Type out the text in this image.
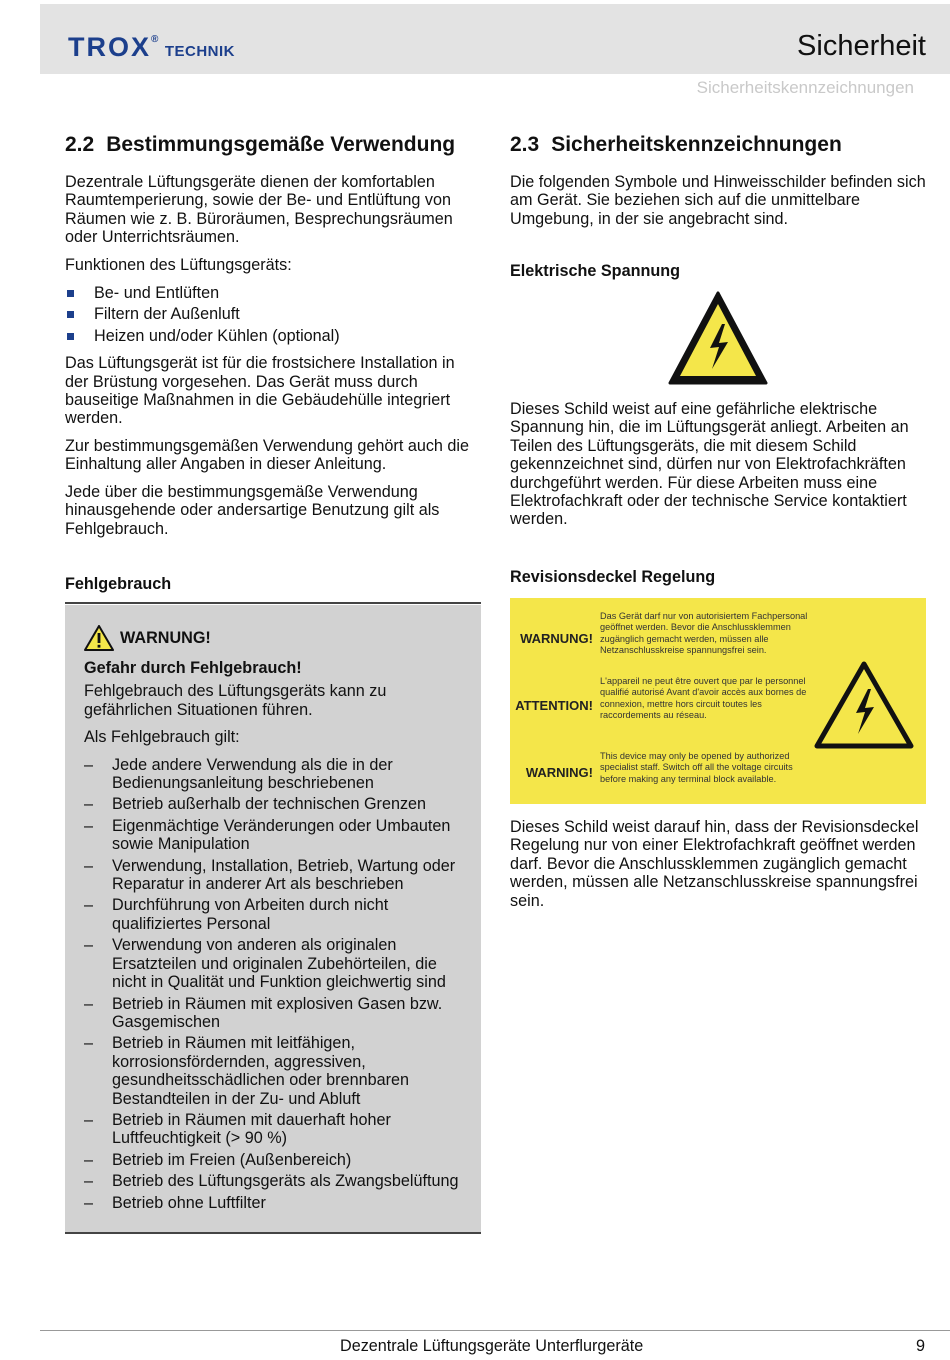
TROX® TECHNIK	Sicherheit
Sicherheitskennzeichnungen
2.2 Bestimmungsgemäße Verwendung

Dezentrale Lüftungsgeräte dienen der komfortablen Raumtemperierung, sowie der Be- und Entlüftung von Räumen wie z. B. Büroräumen, Besprechungsräumen oder Unterrichtsräumen.

Funktionen des Lüftungsgeräts:

Be- und Entlüften
Filtern der Außenluft
Heizen und/oder Kühlen (optional)

Das Lüftungsgerät ist für die frostsichere Installation in der Brüstung vorgesehen. Das Gerät muss durch bauseitige Maßnahmen in die Gebäudehülle integriert werden.

Zur bestimmungsgemäßen Verwendung gehört auch die Einhaltung aller Angaben in dieser Anleitung.

Jede über die bestimmungsgemäße Verwendung hinausgehende oder andersartige Benutzung gilt als Fehlgebrauch.

Fehlgebrauch
WARNUNG!
Gefahr durch Fehlgebrauch!

Fehlgebrauch des Lüftungsgeräts kann zu gefährlichen Situationen führen.

Als Fehlgebrauch gilt:

– Jede andere Verwendung als die in der Bedienungsanleitung beschriebenen
– Betrieb außerhalb der technischen Grenzen
– Eigenmächtige Veränderungen oder Umbauten sowie Manipulation
– Verwendung, Installation, Betrieb, Wartung oder Reparatur in anderer Art als beschrieben
– Durchführung von Arbeiten durch nicht qualifiziertes Personal
– Verwendung von anderen als originalen Ersatzteilen und originalen Zubehörteilen, die nicht in Qualität und Funktion gleichwertig sind
– Betrieb in Räumen mit explosiven Gasen bzw. Gasgemischen
– Betrieb in Räumen mit leitfähigen, korrosionsfördernden, aggressiven, gesundheitsschädlichen oder brennbaren Bestandteilen in der Zu- und Abluft
– Betrieb in Räumen mit dauerhaft hoher Luftfeuchtigkeit (> 90 %)
– Betrieb im Freien (Außenbereich)
– Betrieb des Lüftungsgeräts als Zwangsbelüftung
– Betrieb ohne Luftfilter
2.3 Sicherheitskennzeichnungen

Die folgenden Symbole und Hinweisschilder befinden sich am Gerät. Sie beziehen sich auf die unmittelbare Umgebung, in der sie angebracht sind.

Elektrische Spannung

Dieses Schild weist auf eine gefährliche elektrische Spannung hin, die im Lüftungsgerät anliegt. Arbeiten an Teilen des Lüftungsgeräts, die mit diesem Schild gekennzeichnet sind, dürfen nur von Elektrofachkräften durchgeführt werden. Für diese Arbeiten muss eine Elektrofachkraft oder der technische Service kontaktiert werden.

Revisionsdeckel Regelung
WARNUNG!
Das Gerät darf nur von autorisiertem Fachpersonal geöffnet werden. Bevor die Anschlussklemmen zugänglich gemacht werden, müssen alle Netzanschlusskreise spannungsfrei sein.
ATTENTION!
L'appareil ne peut être ouvert que par le personnel qualifié autorisé Avant d'avoir accès aux bornes de connexion, mettre hors circuit toutes les raccordements au réseau.
WARNING!
This device may only be opened by authorized specialist staff. Switch off all the voltage circuits before making any terminal block available.

Dieses Schild weist darauf hin, dass der Revisionsdeckel Regelung nur von einer Elektrofachkraft geöffnet werden darf. Bevor die Anschlussklemmen zugänglich gemacht werden, müssen alle Netzanschlusskreise spannungsfrei sein.

Dezentrale Lüftungsgeräte Unterflurgeräte	9
